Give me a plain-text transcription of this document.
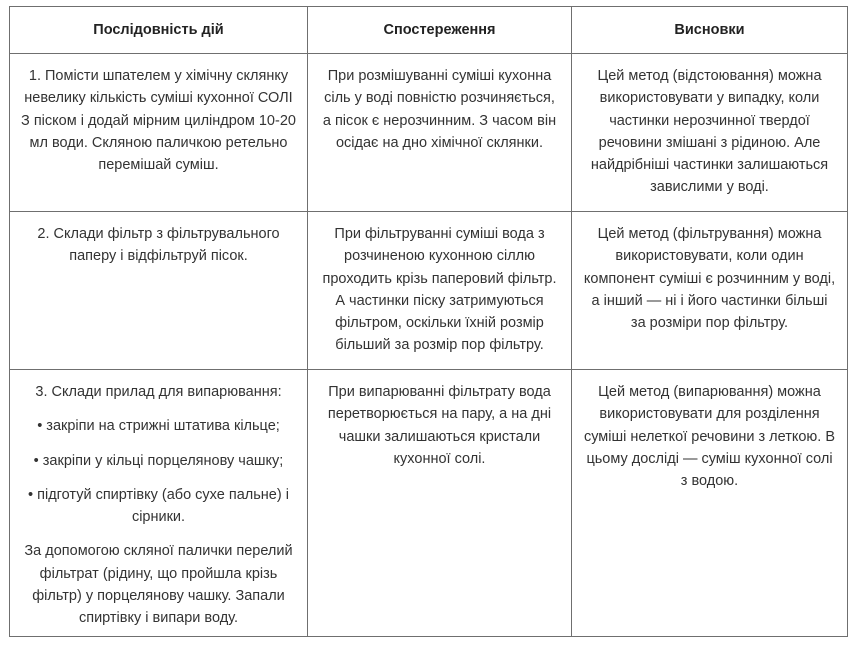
Послідовність дій	Спостереження	Висновки

1. Помісти шпателем у хімічну склянку невелику кількість суміші кухонної СОЛІ З піском і додай мірним циліндром 10-20 мл води. Скляною паличкою ретельно перемішай суміш.	При розмішуванні суміші кухонна сіль у воді повністю розчиняється, а пісок є нерозчинним. З часом він осідає на дно хімічної склянки.	Цей метод (відстоювання) можна використовувати у випадку, коли частинки нерозчинної твердої речовини змішані з рідиною. Але найдрібніші частинки залишаються завислими у воді.

2. Склади фільтр з фільтрувального паперу і відфільтруй пісок.	При фільтруванні суміші вода з розчиненою кухонною сіллю проходить крізь паперовий фільтр. А частинки піску затримуються фільтром, оскільки їхній розмір більший за розмір пор фільтру.	Цей метод (фільтрування) можна використовувати, коли один компонент суміші є розчинним у воді, а інший — ні і його частинки більші за розміри пор фільтру.

3. Склади прилад для випарювання:

• закріпи на стрижні штатива кільце;

• закріпи у кільці порцелянову чашку;

• підготуй спиртівку (або сухе пальне) і сірники.

За допомогою скляної палички перелий фільтрат (рідину, що пройшла крізь фільтр) у порцелянову чашку. Запали спиртівку і випари воду.	При випарюванні фільтрату вода перетворюється на пару, а на дні чашки залишаються кристали кухонної солі.	Цей метод (випарювання) можна використовувати для розділення суміші нелеткої речовини з леткою. В цьому досліді — суміш кухонної солі з водою.
